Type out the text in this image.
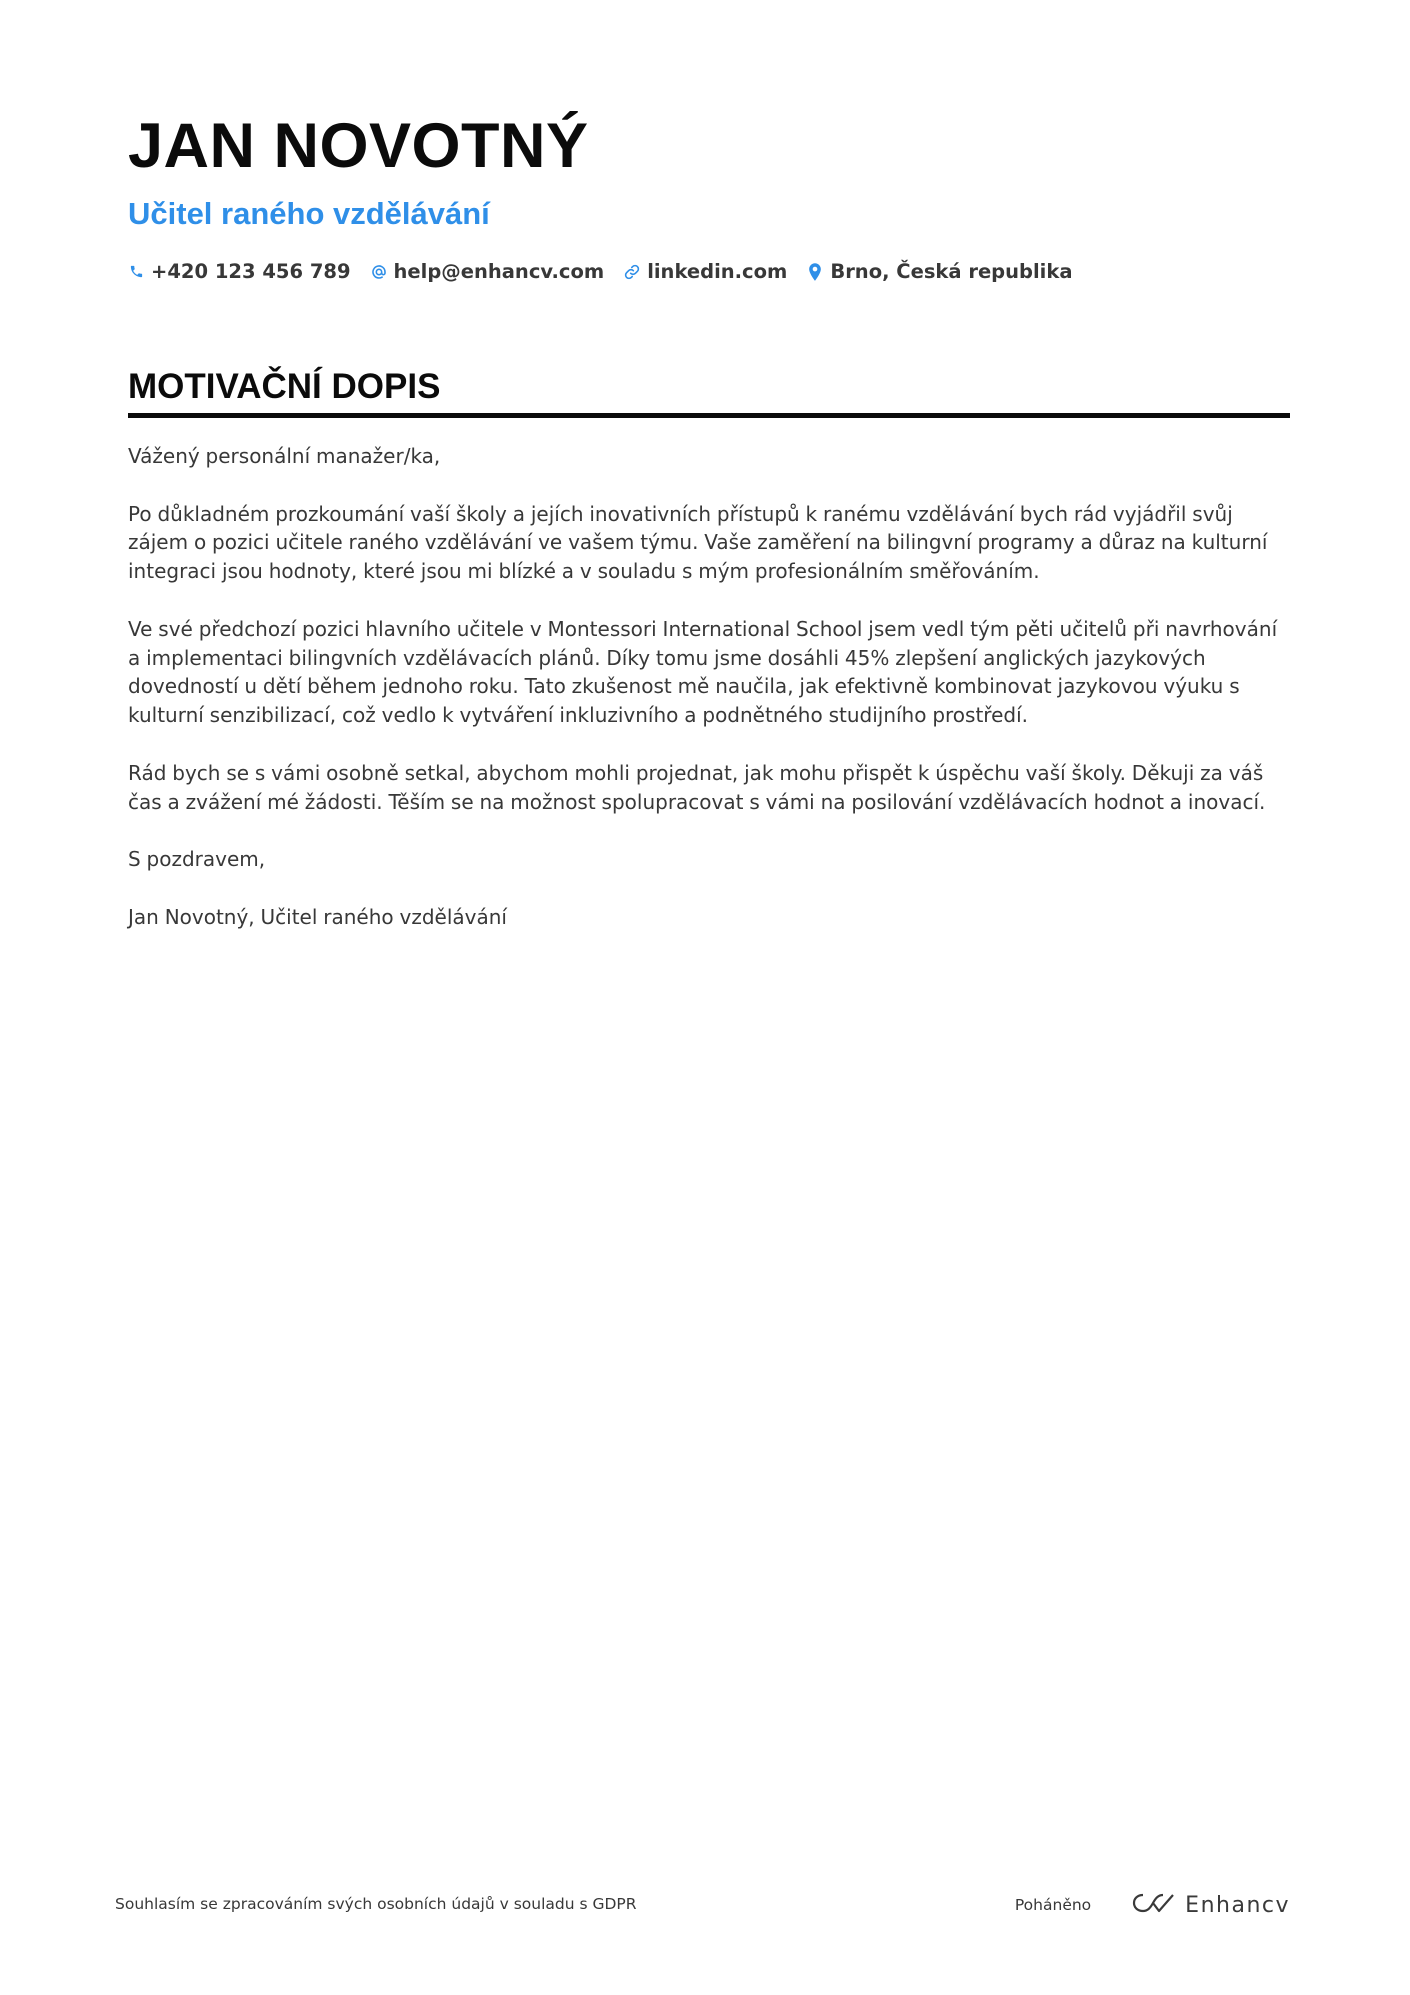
JAN NOVOTNÝ
Učitel raného vzdělávání
+420 123 456 789 help@enhancv.com linkedin.com Brno, Česká republika
MOTIVAČNÍ DOPIS

Vážený personální manažer/ka,

Po důkladném prozkoumání vaší školy a jejích inovativních přístupů k ranému vzdělávání bych rád vyjádřil svůj zájem o pozici učitele raného vzdělávání ve vašem týmu. Vaše zaměření na bilingvní programy a důraz na kulturní integraci jsou hodnoty, které jsou mi blízké a v souladu s mým profesionálním směřováním.

Ve své předchozí pozici hlavního učitele v Montessori International School jsem vedl tým pěti učitelů při navrhování a implementaci bilingvních vzdělávacích plánů. Díky tomu jsme dosáhli 45% zlepšení anglických jazykových dovedností u dětí během jednoho roku. Tato zkušenost mě naučila, jak efektivně kombinovat jazykovou výuku s kulturní senzibilizací, což vedlo k vytváření inkluzivního a podnětného studijního prostředí.

Rád bych se s vámi osobně setkal, abychom mohli projednat, jak mohu přispět k úspěchu vaší školy. Děkuji za váš čas a zvážení mé žádosti. Těším se na možnost spolupracovat s vámi na posilování vzdělávacích hodnot a inovací.

S pozdravem,

Jan Novotný, Učitel raného vzdělávání

Souhlasím se zpracováním svých osobních údajů v souladu s GDPR	Poháněno	Enhancv
